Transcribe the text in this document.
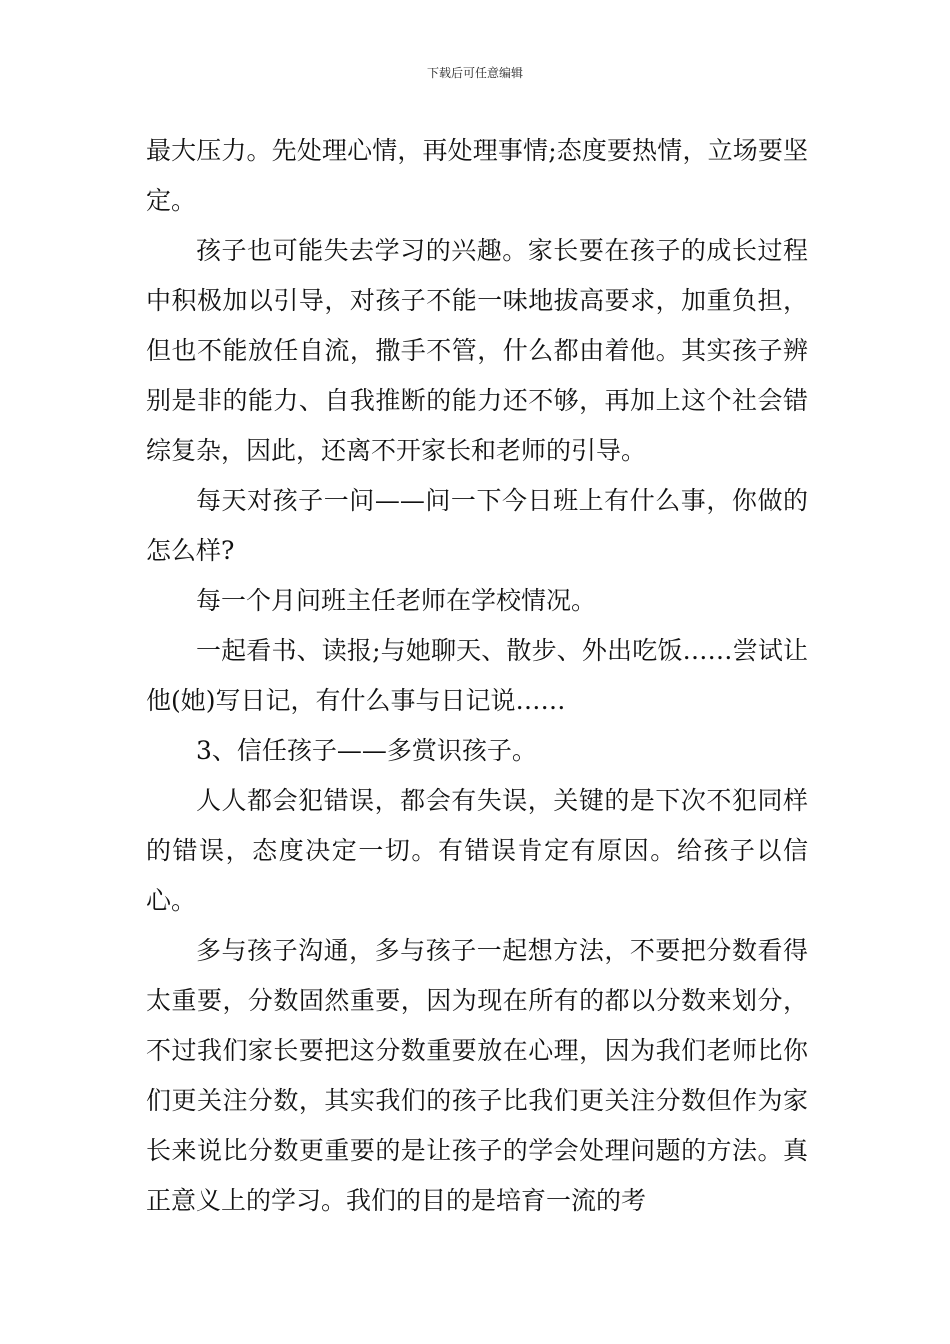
下载后可任意编辑

最大压力。先处理心情，再处理事情;态度要热情，立场要坚定。

孩子也可能失去学习的兴趣。家长要在孩子的成长过程中积极加以引导，对孩子不能一味地拔高要求，加重负担，但也不能放任自流，撒手不管，什么都由着他。其实孩子辨别是非的能力、自我推断的能力还不够，再加上这个社会错综复杂，因此，还离不开家长和老师的引导。

每天对孩子一问——问一下今日班上有什么事，你做的怎么样?

每一个月问班主任老师在学校情况。

一起看书、读报;与她聊天、散步、外出吃饭……尝试让他(她)写日记，有什么事与日记说……

3、信任孩子——多赏识孩子。

人人都会犯错误，都会有失误，关键的是下次不犯同样的错误，态度决定一切。有错误肯定有原因。给孩子以信心。

多与孩子沟通，多与孩子一起想方法，不要把分数看得太重要，分数固然重要，因为现在所有的都以分数来划分，不过我们家长要把这分数重要放在心理，因为我们老师比你们更关注分数，其实我们的孩子比我们更关注分数但作为家长来说比分数更重要的是让孩子的学会处理问题的方法。真正意义上的学习。我们的目的是培育一流的考
